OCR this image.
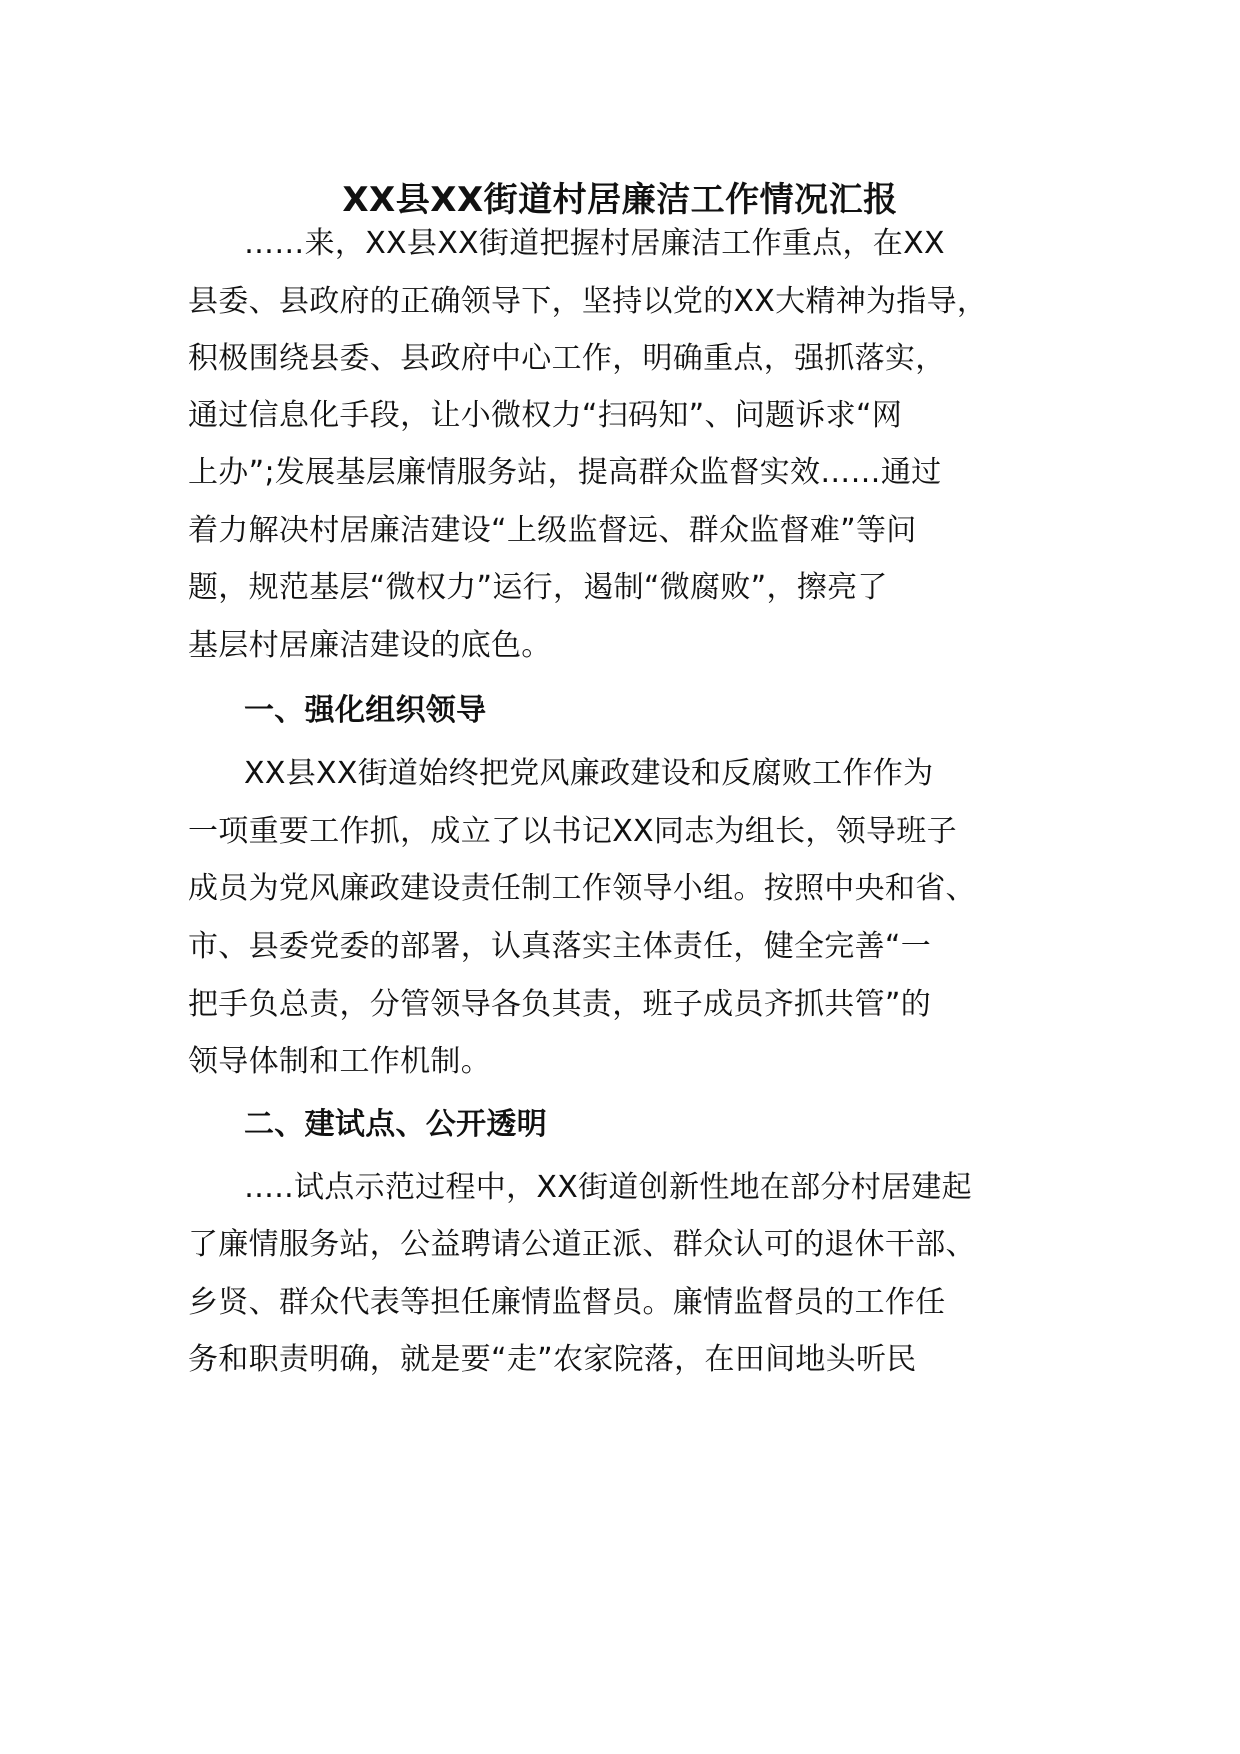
XX县XX街道村居廉洁工作情况汇报
……来，XX县XX街道把握村居廉洁工作重点，在XX
县委、县政府的正确领导下，坚持以党的XX大精神为指导，
积极围绕县委、县政府中心工作，明确重点，强抓落实，
通过信息化手段，让小微权力“扫码知”、问题诉求“网
上办”;发展基层廉情服务站，提高群众监督实效……通过
着力解决村居廉洁建设“上级监督远、群众监督难”等问
题，规范基层“微权力”运行，遏制“微腐败”，擦亮了
基层村居廉洁建设的底色。
一、强化组织领导
XX县XX街道始终把党风廉政建设和反腐败工作作为
一项重要工作抓，成立了以书记XX同志为组长，领导班子
成员为党风廉政建设责任制工作领导小组。按照中央和省、
市、县委党委的部署，认真落实主体责任，健全完善“一
把手负总责，分管领导各负其责，班子成员齐抓共管”的
领导体制和工作机制。
二、建试点、公开透明
…..试点示范过程中，XX街道创新性地在部分村居建起
了廉情服务站，公益聘请公道正派、群众认可的退休干部、
乡贤、群众代表等担任廉情监督员。廉情监督员的工作任
务和职责明确，就是要“走”农家院落，在田间地头听民
